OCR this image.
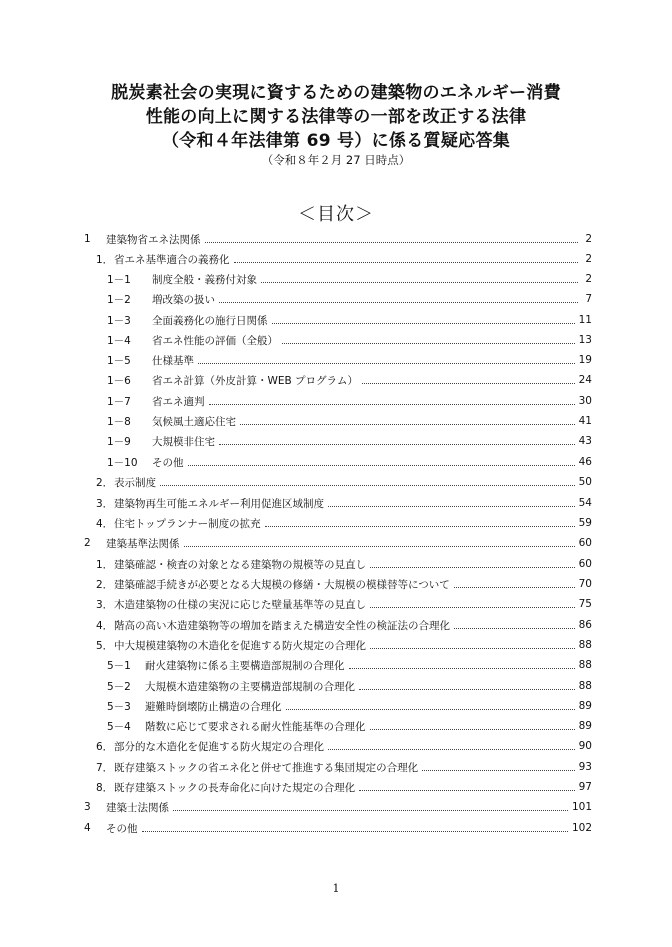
脱炭素社会の実現に資するための建築物のエネルギー消費
性能の向上に関する法律等の一部を改正する法律
（令和４年法律第 69 号）に係る質疑応答集
（令和８年２月 27 日時点）
＜目次＞
1	建築物省エネ法関係	2
1． 省エネ基準適合の義務化	2
1－1	制度全般・義務付対象	2
1－2	増改築の扱い	7
1－3	全面義務化の施行日関係	11
1－4	省エネ性能の評価（全般）	13
1－5	仕様基準	19
1－6	省エネ計算（外皮計算・WEB プログラム）	24
1－7	省エネ適判	30
1－8	気候風土適応住宅	41
1－9	大規模非住宅	43
1－10	その他	46
2． 表示制度	50
3． 建築物再生可能エネルギー利用促進区域制度	54
4． 住宅トップランナー制度の拡充	59
2	建築基準法関係	60
1． 建築確認・検査の対象となる建築物の規模等の見直し	60
2． 建築確認手続きが必要となる大規模の修繕・大規模の模様替等について	70
3． 木造建築物の仕様の実況に応じた壁量基準等の見直し	75
4． 階高の高い木造建築物等の増加を踏まえた構造安全性の検証法の合理化	86
5． 中大規模建築物の木造化を促進する防火規定の合理化	88
5－1	耐火建築物に係る主要構造部規制の合理化	88
5－2	大規模木造建築物の主要構造部規制の合理化	88
5－3	避難時倒壊防止構造の合理化	89
5－4	階数に応じて要求される耐火性能基準の合理化	89
6． 部分的な木造化を促進する防火規定の合理化	90
7． 既存建築ストックの省エネ化と併せて推進する集団規定の合理化	93
8． 既存建築ストックの長寿命化に向けた規定の合理化	97
3	建築士法関係	101
4	その他	102
1
